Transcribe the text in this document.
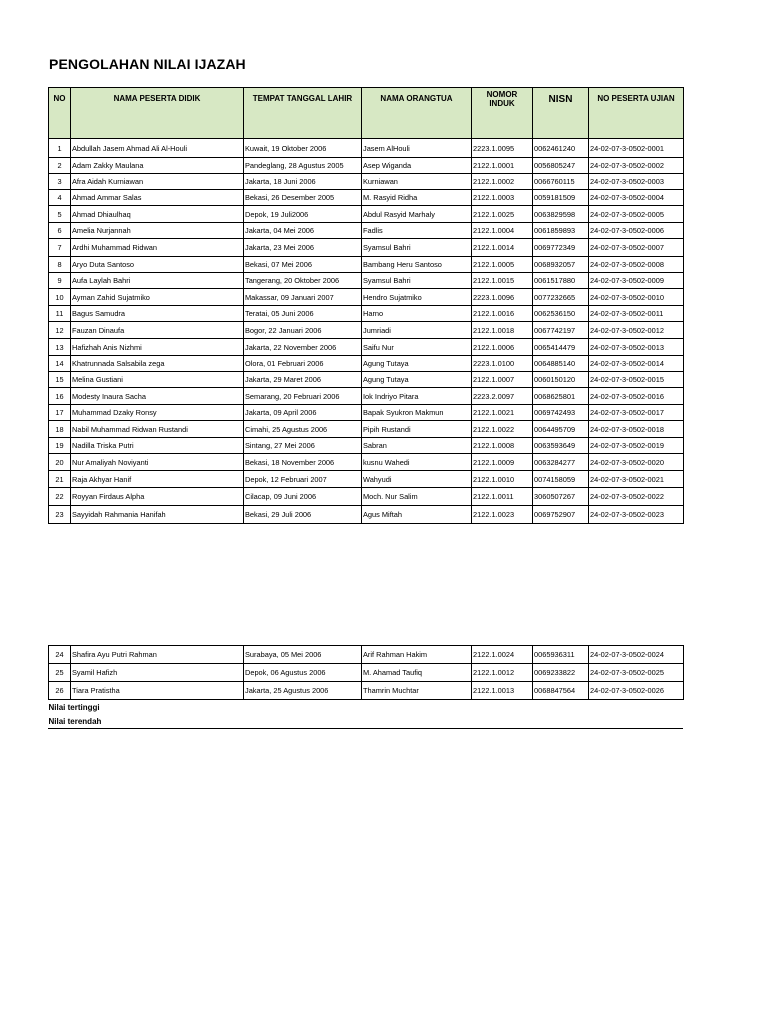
PENGOLAHAN NILAI IJAZAH
NO	NAMA PESERTA DIDIK	TEMPAT TANGGAL LAHIR	NAMA ORANGTUA	NOMOR
INDUK	NISN	NO PESERTA UJIAN
1	Abdullah Jasem Ahmad Ali Al-Houli	Kuwait, 19 Oktober 2006	Jasem AlHouli	2223.1.0095	0062461240	24-02-07-3-0502-0001
2	Adam Zakky Maulana	Pandeglang, 28 Agustus 2005	Asep Wiganda	2122.1.0001	0056805247	24-02-07-3-0502-0002
3	Afra Aidah Kurniawan	Jakarta, 18 Juni 2006	Kurniawan	2122.1.0002	0066760115	24-02-07-3-0502-0003
4	Ahmad Ammar Salas	Bekasi, 26 Desember 2005	M. Rasyid Ridha	2122.1.0003	0059181509	24-02-07-3-0502-0004
5	Ahmad Dhiaulhaq	Depok, 19 Juli2006	Abdul Rasyid Marhaly	2122.1.0025	0063829598	24-02-07-3-0502-0005
6	Amelia Nurjannah	Jakarta, 04 Mei 2006	Fadlis	2122.1.0004	0061859893	24-02-07-3-0502-0006
7	Ardhi Muhammad Ridwan	Jakarta, 23 Mei 2006	Syamsul Bahri	2122.1.0014	0069772349	24-02-07-3-0502-0007
8	Aryo Duta Santoso	Bekasi, 07 Mei 2006	Bambang Heru Santoso	2122.1.0005	0068932057	24-02-07-3-0502-0008
9	Aufa Laylah Bahri	Tangerang, 20 Oktober 2006	Syamsul Bahri	2122.1.0015	0061517880	24-02-07-3-0502-0009
10	Ayman Zahid Sujatmiko	Makassar, 09 Januari 2007	Hendro Sujatmiko	2223.1.0096	0077232665	24-02-07-3-0502-0010
11	Bagus Samudra	Teratai, 05 Juni 2006	Harno	2122.1.0016	0062536150	24-02-07-3-0502-0011
12	Fauzan Dinaufa	Bogor, 22 Januari 2006	Jumriadi	2122.1.0018	0067742197	24-02-07-3-0502-0012
13	Hafizhah Anis Nizhmi	Jakarta, 22 November 2006	Saifu Nur	2122.1.0006	0065414479	24-02-07-3-0502-0013
14	Khatrunnada Salsabila zega	Olora, 01 Februari 2006	Agung Tutaya	2223.1.0100	0064885140	24-02-07-3-0502-0014
15	Melina Gustiani	Jakarta, 29 Maret 2006	Agung Tutaya	2122.1.0007	0060150120	24-02-07-3-0502-0015
16	Modesty Inaura Sacha	Semarang, 20 Februari 2006	Iok Indriyo Pitara	2223.2.0097	0068625801	24-02-07-3-0502-0016
17	Muhammad Dzaky Ronsy	Jakarta, 09 April 2006	Bapak Syukron Makmun	2122.1.0021	0069742493	24-02-07-3-0502-0017
18	Nabil Muhammad Ridwan Rustandi	Cimahi, 25 Agustus 2006	Pipih Rustandi	2122.1.0022	0064495709	24-02-07-3-0502-0018
19	Nadilla Triska Putri	Sintang, 27 Mei 2006	Sabran	2122.1.0008	0063593649	24-02-07-3-0502-0019
20	Nur Amaliyah Noviyanti	Bekasi, 18 November 2006	kusnu Wahedi	2122.1.0009	0063284277	24-02-07-3-0502-0020
21	Raja Akhyar Hanif	Depok, 12 Februari 2007	Wahyudi	2122.1.0010	0074158059	24-02-07-3-0502-0021
22	Royyan Firdaus Alpha	Cilacap, 09 Juni 2006	Moch. Nur Salim	2122.1.0011	3060507267	24-02-07-3-0502-0022
23	Sayyidah Rahmania Hanifah	Bekasi, 29 Juli 2006	Agus Miftah	2122.1.0023	0069752907	24-02-07-3-0502-0023
24	Shafira Ayu Putri Rahman	Surabaya, 05 Mei 2006	Arif Rahman Hakim	2122.1.0024	0065936311	24-02-07-3-0502-0024
25	Syamil Hafizh	Depok, 06 Agustus 2006	M. Ahamad Taufiq	2122.1.0012	0069233822	24-02-07-3-0502-0025
26	Tiara Pratistha	Jakarta, 25 Agustus 2006	Thamrin Muchtar	2122.1.0013	0068847564	24-02-07-3-0502-0026
Nilai tertinggi						
Nilai terendah						
